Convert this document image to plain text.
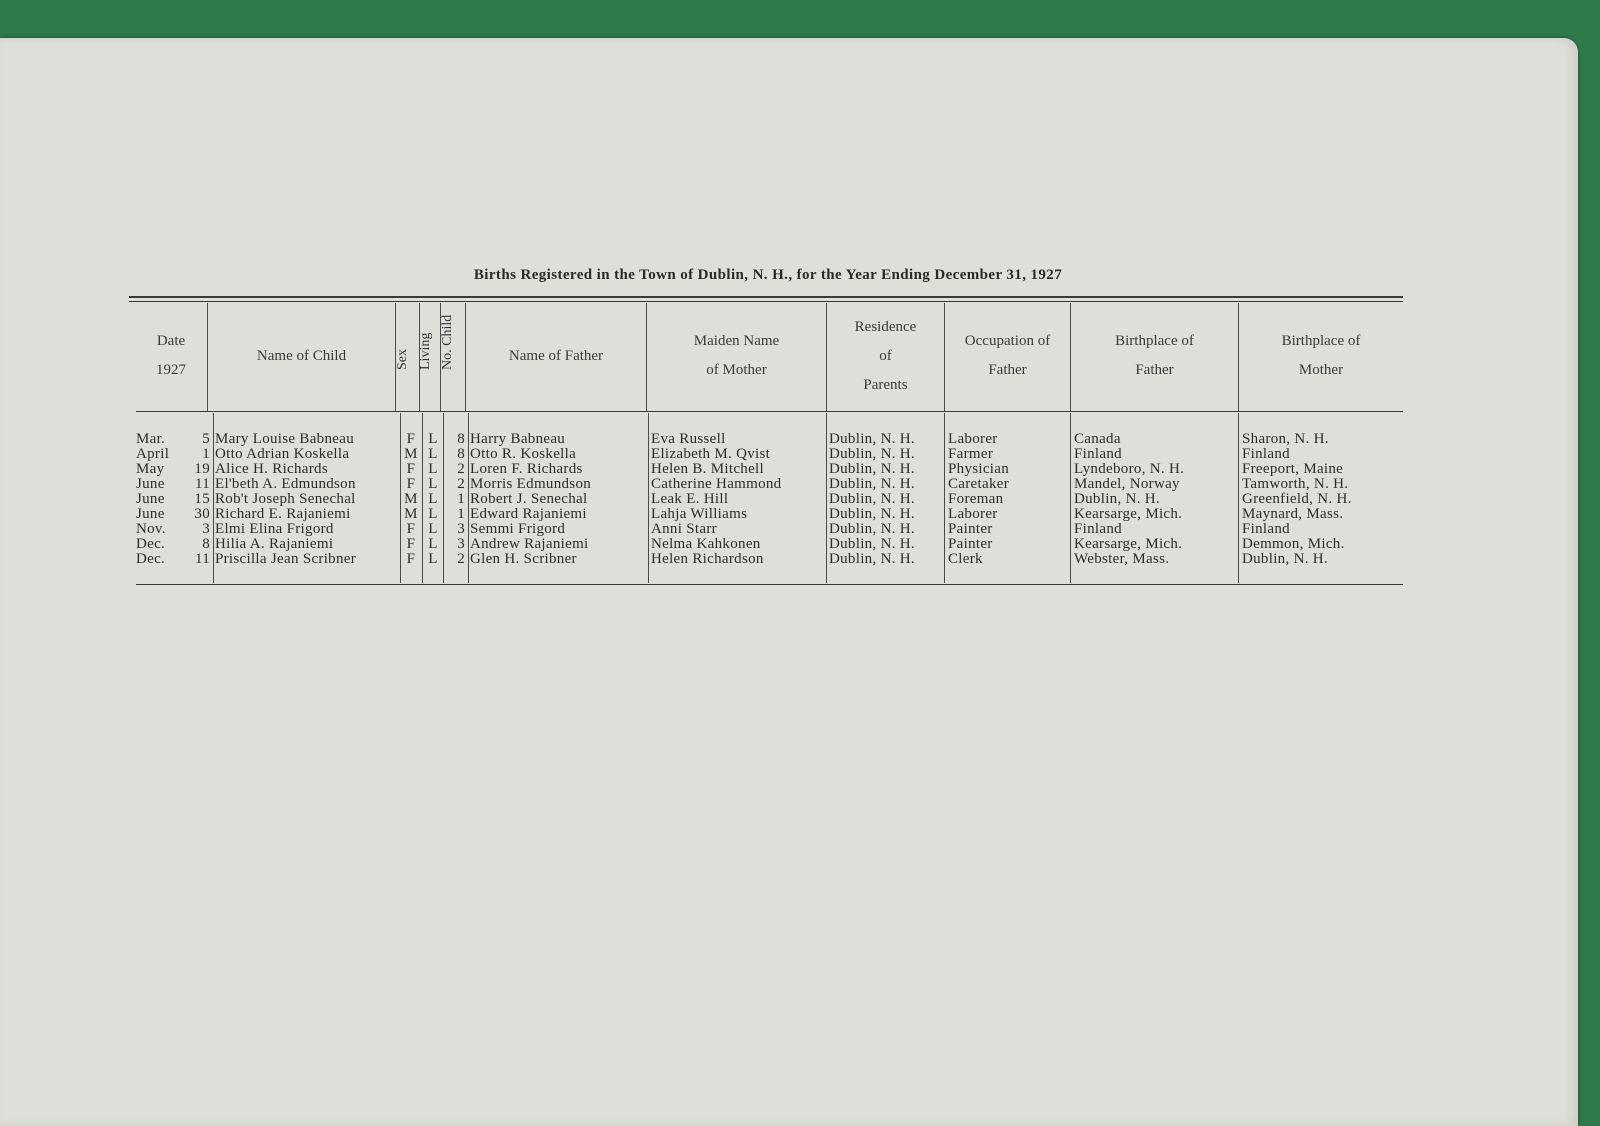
Births Registered in the Town of Dublin, N. H., for the Year Ending December 31, 1927
Date
1927
Name of Child	Sex Living No. Child	Name of Father
Maiden Name
of Mother
Residence
of
Parents
Occupation of
Father
Birthplace of
Father
Birthplace of
Mother
Mar.
April
May
June
June
June
Nov.
Dec.
Dec.
5
1
19
11
15
30
3
8
11
Mary Louise Babneau
Otto Adrian Koskella
Alice H. Richards
El'beth A. Edmundson
Rob't Joseph Senechal
Richard E. Rajaniemi
Elmi Elina Frigord
Hilia A. Rajaniemi
Priscilla Jean Scribner
F
M
F
F
M
M
F
F
F
L
L
L
L
L
L
L
L
L
8
8
2
2
1
1
3
3
2
Harry Babneau
Otto R. Koskella
Loren F. Richards
Morris Edmundson
Robert J. Senechal
Edward Rajaniemi
Semmi Frigord
Andrew Rajaniemi
Glen H. Scribner
Eva Russell
Elizabeth M. Qvist
Helen B. Mitchell
Catherine Hammond
Leak E. Hill
Lahja Williams
Anni Starr
Nelma Kahkonen
Helen Richardson
Dublin, N. H.
Dublin, N. H.
Dublin, N. H.
Dublin, N. H.
Dublin, N. H.
Dublin, N. H.
Dublin, N. H.
Dublin, N. H.
Dublin, N. H.
Laborer
Farmer
Physician
Caretaker
Foreman
Laborer
Painter
Painter
Clerk
Canada
Finland
Lyndeboro, N. H.
Mandel, Norway
Dublin, N. H.
Kearsarge, Mich.
Finland
Kearsarge, Mich.
Webster, Mass.
Sharon, N. H.
Finland
Freeport, Maine
Tamworth, N. H.
Greenfield, N. H.
Maynard, Mass.
Finland
Demmon, Mich.
Dublin, N. H.
